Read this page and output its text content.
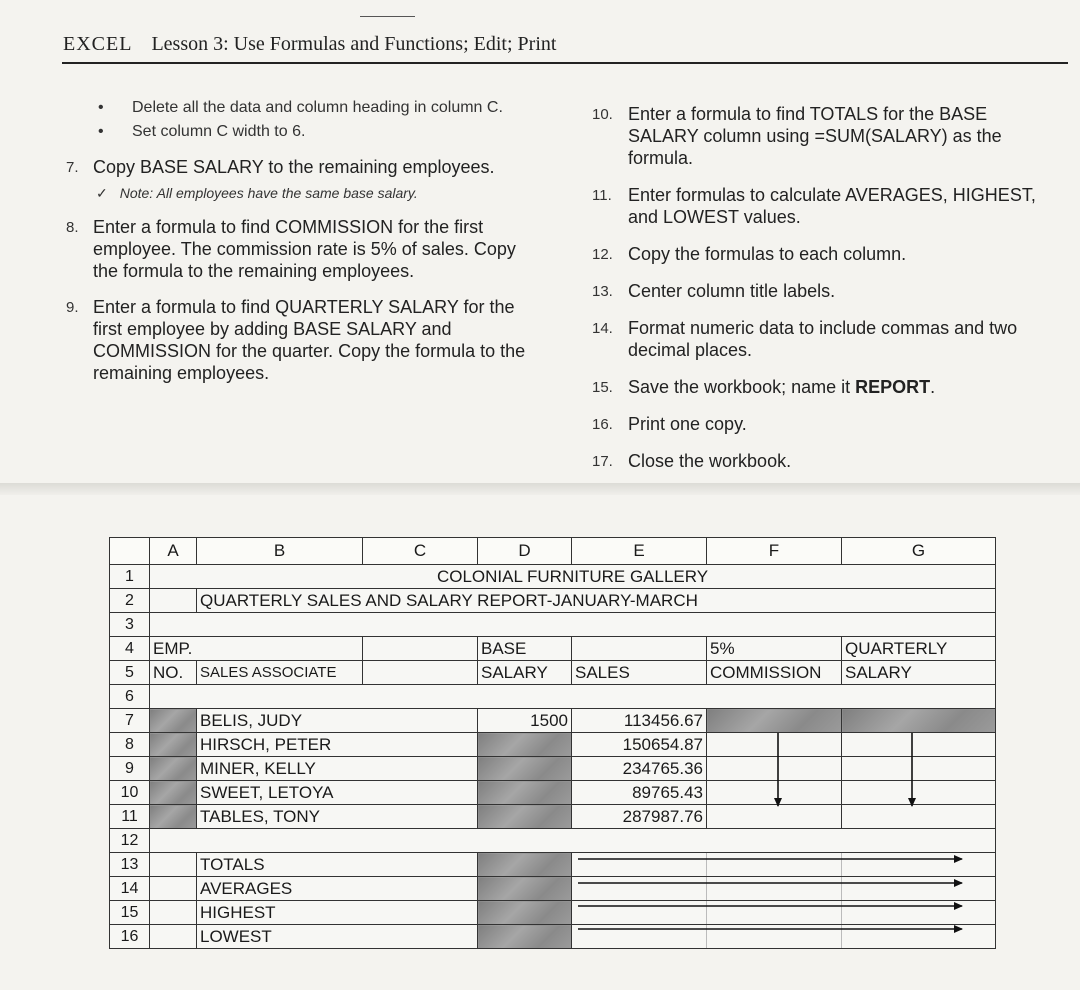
EXCEL Lesson 3: Use Formulas and Functions; Edit; Print
• Delete all the data and column heading in column C.
• Set column C width to 6.
7. Copy BASE SALARY to the remaining employees.
✓ Note: All employees have the same base salary.
8. Enter a formula to find COMMISSION for the first employee. The commission rate is 5% of sales. Copy the formula to the remaining employees.
9. Enter a formula to find QUARTERLY SALARY for the first employee by adding BASE SALARY and COMMISSION for the quarter. Copy the formula to the remaining employees.
10. Enter a formula to find TOTALS for the BASE SALARY column using =SUM(SALARY) as the formula.
11. Enter formulas to calculate AVERAGES, HIGHEST, and LOWEST values.
12. Copy the formulas to each column.
13. Center column title labels.
14. Format numeric data to include commas and two decimal places.
15. Save the workbook; name it REPORT.
16. Print one copy.
17. Close the workbook.
	A	B	C	D	E	F	G
1	COLONIAL FURNITURE GALLERY						
2		QUARTERLY SALES AND SALARY REPORT-JANUARY-MARCH					
3							
4	EMP.			BASE		5%	QUARTERLY
5	NO.	SALES ASSOCIATE		SALARY	SALES	COMMISSION	SALARY
6							
7		BELIS, JUDY		1500	113456.67		
8		HIRSCH, PETER			150654.87		
9		MINER, KELLY			234765.36		
10		SWEET, LETOYA			89765.43		
11		TABLES, TONY			287987.76		
12							
13		TOTALS					
14		AVERAGES					
15		HIGHEST					
16		LOWEST					
